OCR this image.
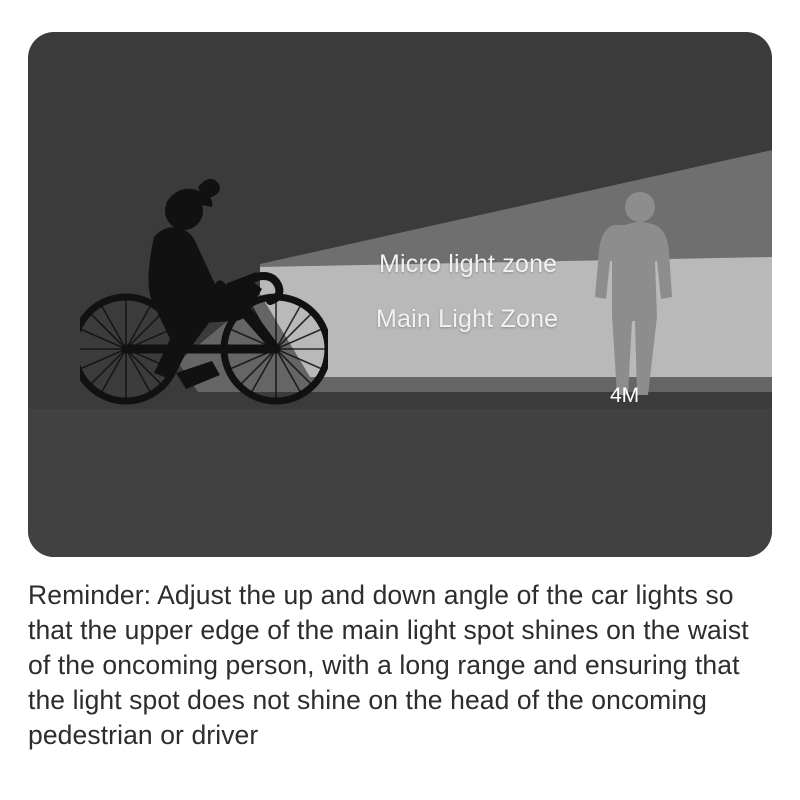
Micro light zone
Main Light Zone
4M
Reminder: Adjust the up and down angle of the car lights so that the upper edge of the main light spot shines on the waist of the oncoming person, with a long range and ensuring that the light spot does not shine on the head of the oncoming pedestrian or driver
